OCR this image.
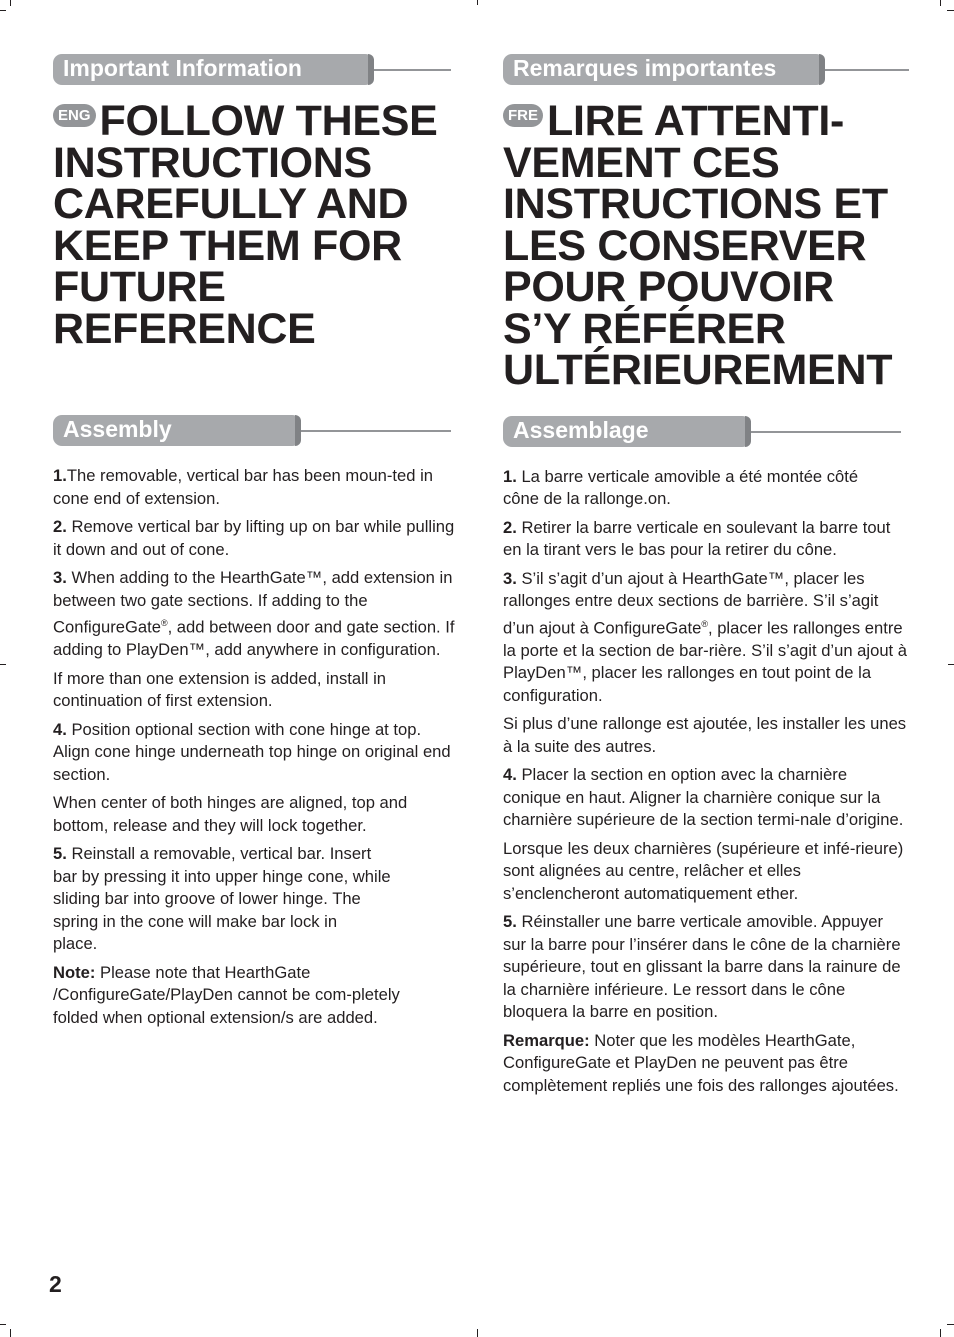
Important Information
ENG FOLLOW THESE
INSTRUCTIONS
CAREFULLY AND
KEEP THEM FOR
FUTURE
REFERENCE
Assembly

1.The removable, vertical bar has been moun-ted in cone end of extension.

2. Remove vertical bar by lifting up on bar while pulling it down and out of cone.

3. When adding to the HearthGate™, add extension in between two gate sections. If adding to the ConfigureGate®, add between door and gate section. If adding to PlayDen™, add anywhere in configuration.

If more than one extension is added, install in continuation of first extension.

4. Position optional section with cone hinge at top. Align cone hinge underneath top hinge on original end section.

When center of both hinges are aligned, top and bottom, release and they will lock together.

5. Reinstall a removable, vertical bar. Insert bar by pressing it into upper hinge cone, while sliding bar into groove of lower hinge. The spring in the cone will make bar lock in
place.

Note: Please note that HearthGate
/ConfigureGate/PlayDen cannot be com-pletely folded when optional extension/s are added.

Remarques importantes
FRE LIRE ATTENTI-
VEMENT CES
INSTRUCTIONS ET
LES CONSERVER
POUR POUVOIR
S’Y RÉFÉRER
ULTÉRIEUREMENT
Assemblage

1. La barre verticale amovible a été montée côté cône de la rallonge.on.

2. Retirer la barre verticale en soulevant la barre tout en la tirant vers le bas pour la retirer du cône.

3. S’il s’agit d’un ajout à HearthGate™, placer les rallonges entre deux sections de barrière. S’il s’agit d’un ajout à ConfigureGate®, placer les rallonges entre la porte et la section de bar-rière. S’il s’agit d’un ajout à PlayDen™, placer les rallonges en tout point de la configuration.

Si plus d’une rallonge est ajoutée, les installer les unes à la suite des autres.

4. Placer la section en option avec la charnière conique en haut. Aligner la charnière conique sur la charnière supérieure de la section termi-nale d’origine.

Lorsque les deux charnières (supérieure et infé-rieure) sont alignées au centre, relâcher et elles s’enclencheront automatiquement ether.

5. Réinstaller une barre verticale amovible. Appuyer sur la barre pour l’insérer dans le cône de la charnière supérieure, tout en glissant la barre dans la rainure de la charnière inférieure. Le ressort dans le cône bloquera la barre en position.

Remarque: Noter que les modèles HearthGate, ConfigureGate et PlayDen ne peuvent pas être complètement repliés une fois des rallonges ajoutées.

2
